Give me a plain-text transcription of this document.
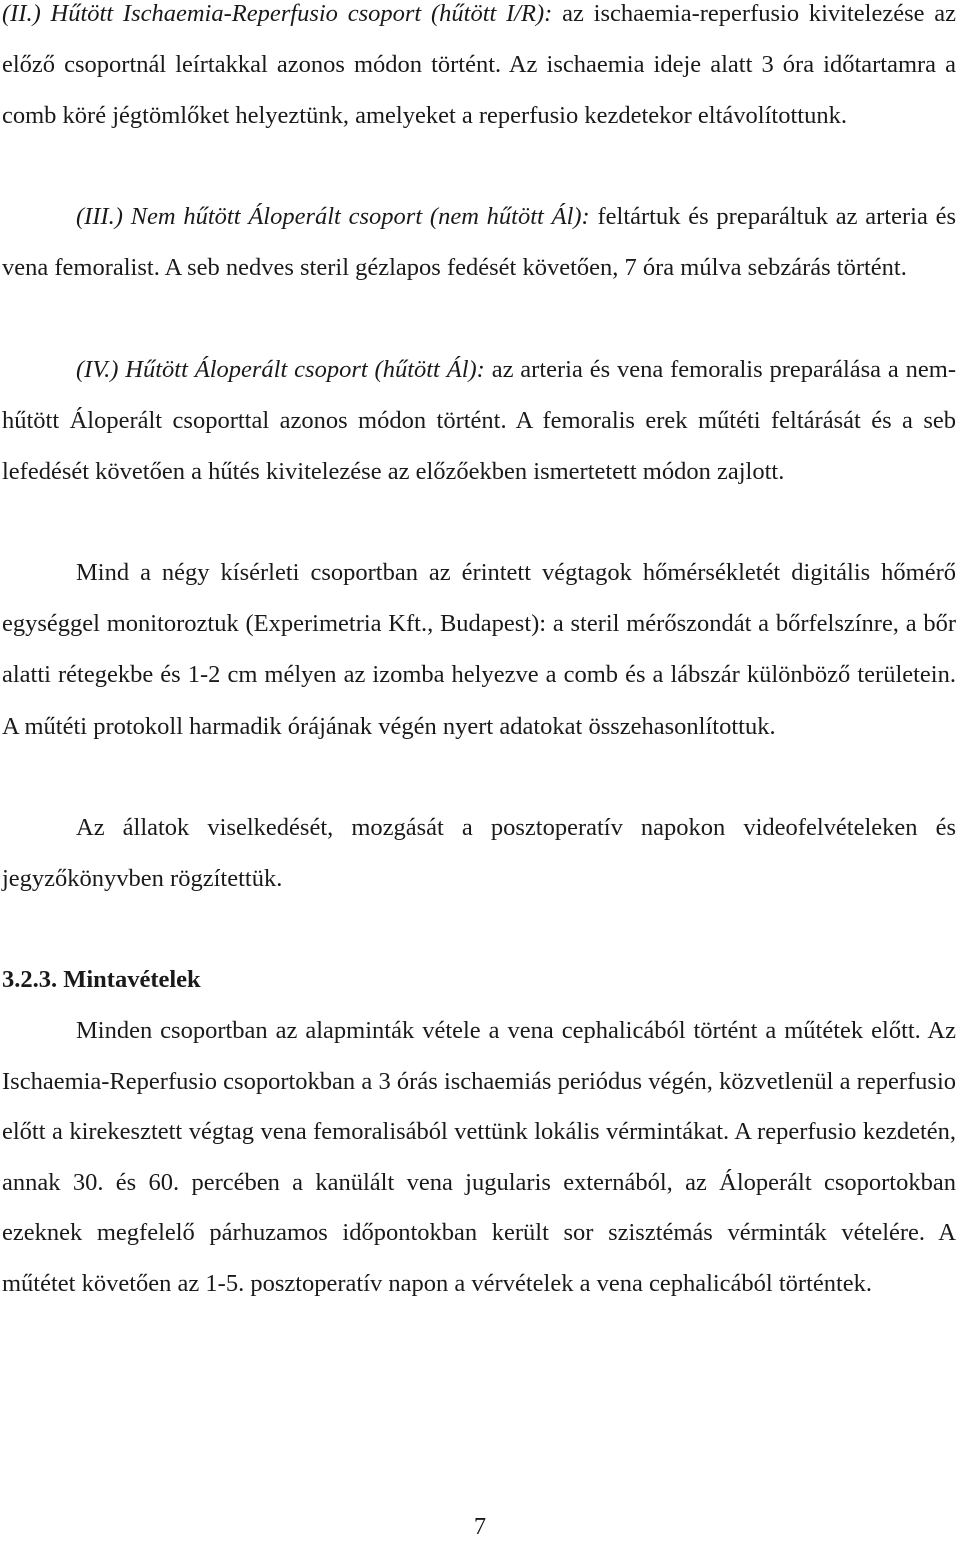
(II.) Hűtött Ischaemia-Reperfusio csoport (hűtött I/R): az ischaemia-reperfusio kivitelezése az előző csoportnál leírtakkal azonos módon történt. Az ischaemia ideje alatt 3 óra időtartamra a comb köré jégtömlőket helyeztünk, amelyeket a reperfusio kezdetekor eltávolítottunk.

(III.) Nem hűtött Áloperált csoport (nem hűtött Ál): feltártuk és preparáltuk az arteria és vena femoralist. A seb nedves steril gézlapos fedését követően, 7 óra múlva sebzárás történt.

(IV.) Hűtött Áloperált csoport (hűtött Ál): az arteria és vena femoralis preparálása a nem-hűtött Áloperált csoporttal azonos módon történt. A femoralis erek műtéti feltárását és a seb lefedését követően a hűtés kivitelezése az előzőekben ismertetett módon zajlott.

Mind a négy kísérleti csoportban az érintett végtagok hőmérsékletét digitális hőmérő egységgel monitoroztuk (Experimetria Kft., Budapest): a steril mérőszondát a bőrfelszínre, a bőr alatti rétegekbe és 1-2 cm mélyen az izomba helyezve a comb és a lábszár különböző területein. A műtéti protokoll harmadik órájának végén nyert adatokat összehasonlítottuk.

Az állatok viselkedését, mozgását a posztoperatív napokon videofelvételeken és jegyzőkönyvben rögzítettük.

3.2.3. Mintavételek

Minden csoportban az alapminták vétele a vena cephalicából történt a műtétek előtt. Az Ischaemia-Reperfusio csoportokban a 3 órás ischaemiás periódus végén, közvetlenül a reperfusio előtt a kirekesztett végtag vena femoralisából vettünk lokális vérmintákat. A reperfusio kezdetén, annak 30. és 60. percében a kanülált vena jugularis externából, az Áloperált csoportokban ezeknek megfelelő párhuzamos időpontokban került sor szisztémás vérminták vételére. A műtétet követően az 1-5. posztoperatív napon a vérvételek a vena cephalicából történtek.

7
